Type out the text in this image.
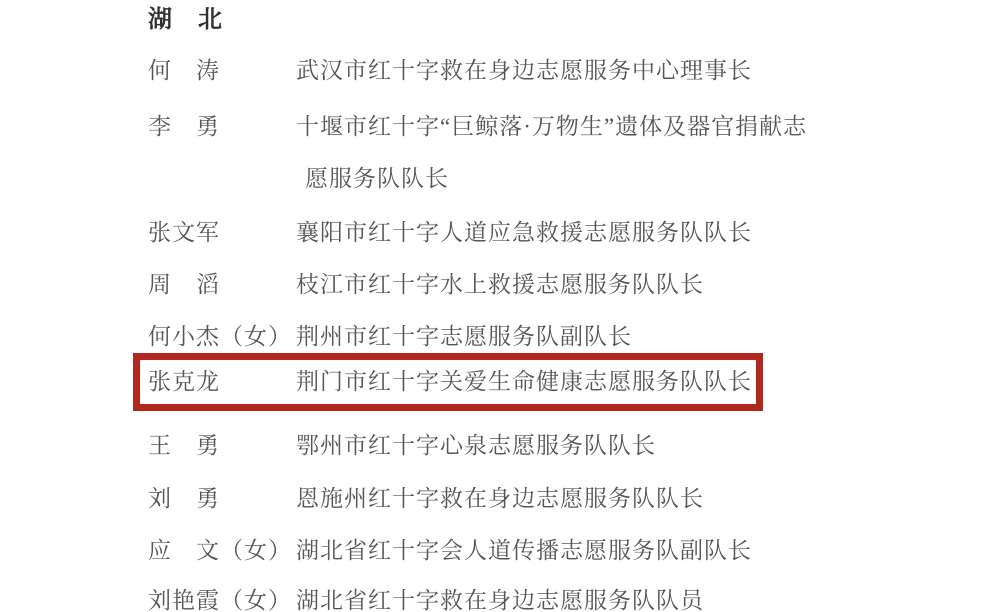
湖　北
何　涛	武汉市红十字救在身边志愿服务中心理事长
李　勇	十堰市红十字“巨鲸落·万物生”遗体及器官捐献志
愿服务队队长
张文军	襄阳市红十字人道应急救援志愿服务队队长
周　滔	枝江市红十字水上救援志愿服务队队长
何小杰（女） 荆州市红十字志愿服务队副队长
张克龙	荆门市红十字关爱生命健康志愿服务队队长
王　勇	鄂州市红十字心泉志愿服务队队长
刘　勇	恩施州红十字救在身边志愿服务队队长
应　文（女） 湖北省红十字会人道传播志愿服务队副队长
刘艳霞（女） 湖北省红十字救在身边志愿服务队队员
